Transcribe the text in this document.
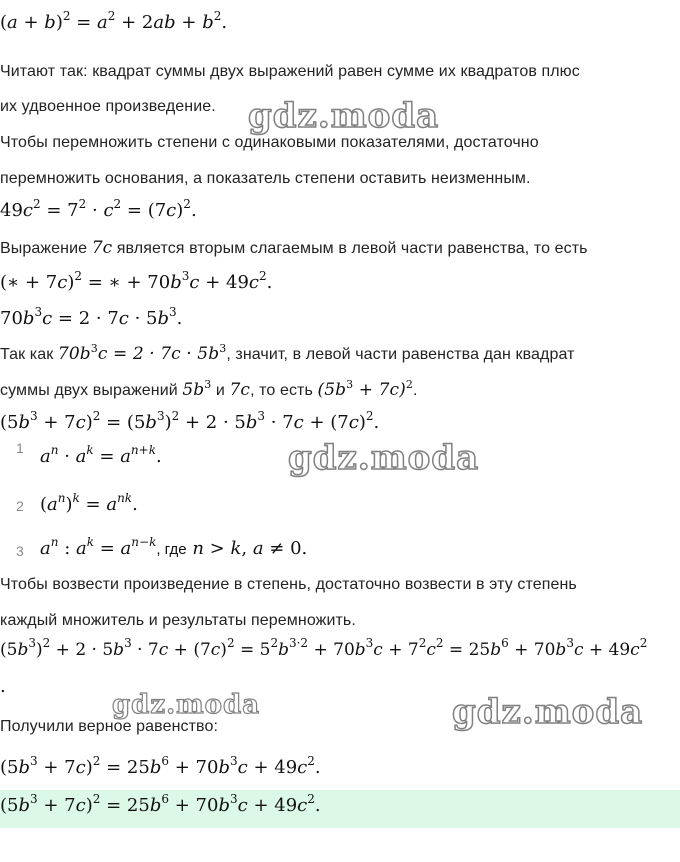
$(a + b)^2 = a^2 + 2ab + b^2$.
Читают так: квадрат суммы двух выражений равен сумме их квадратов плюс
их удвоенное произведение. gdz.moda
Чтобы перемножить степени с одинаковыми показателями, достаточно
перемножить основания, а показатель степени оставить неизменным.
$49c^2 = 7^2 \cdot c^2 = (7c)^2$.
Выражение 7c является вторым слагаемым в левой части равенства, то есть
(∗ + 7c)$^2$ = ∗ + $70b^3c + 49c^2$.
$70b^3c = 2 \cdot 7c \cdot 5b^3$.
Так как $70b^3c = 2 \cdot 7c \cdot 5b^3$, значит, в левой части равенства дан квадрат
суммы двух выражений $5b^3$ и 7c, то есть $(5b^3 + 7c)^2$.
$(5b^3 + 7c)^2 = (5b^3)^2 + 2 \cdot 5b^3 \cdot 7c + (7c)^2$.
1 $a^n \cdot a^k = a^{n+k}$.	gdz.moda
2 $(a^n)^k = a^{nk}$.
3 $a^n$ : $a^k = a^{n-k}$, где n > k, a ≠ 0.
Чтобы возвести произведение в степень, достаточно возвести в эту степень
каждый множитель и результаты перемножить.
$(5b^3)^2 + 2 \cdot 5b^3 \cdot 7c + (7c)^2 = 5^2b^{3\cdot 2} + 70b^3c + 7^2c^2 = 25b^6 + 70b^3c + 49c^2$
.
gdz.moda	gdz.moda
Получили верное равенство:
$(5b^3 + 7c)^2 = 25b^6 + 70b^3c + 49c^2$.
$(5b^3 + 7c)^2 = 25b^6 + 70b^3c + 49c^2$.
